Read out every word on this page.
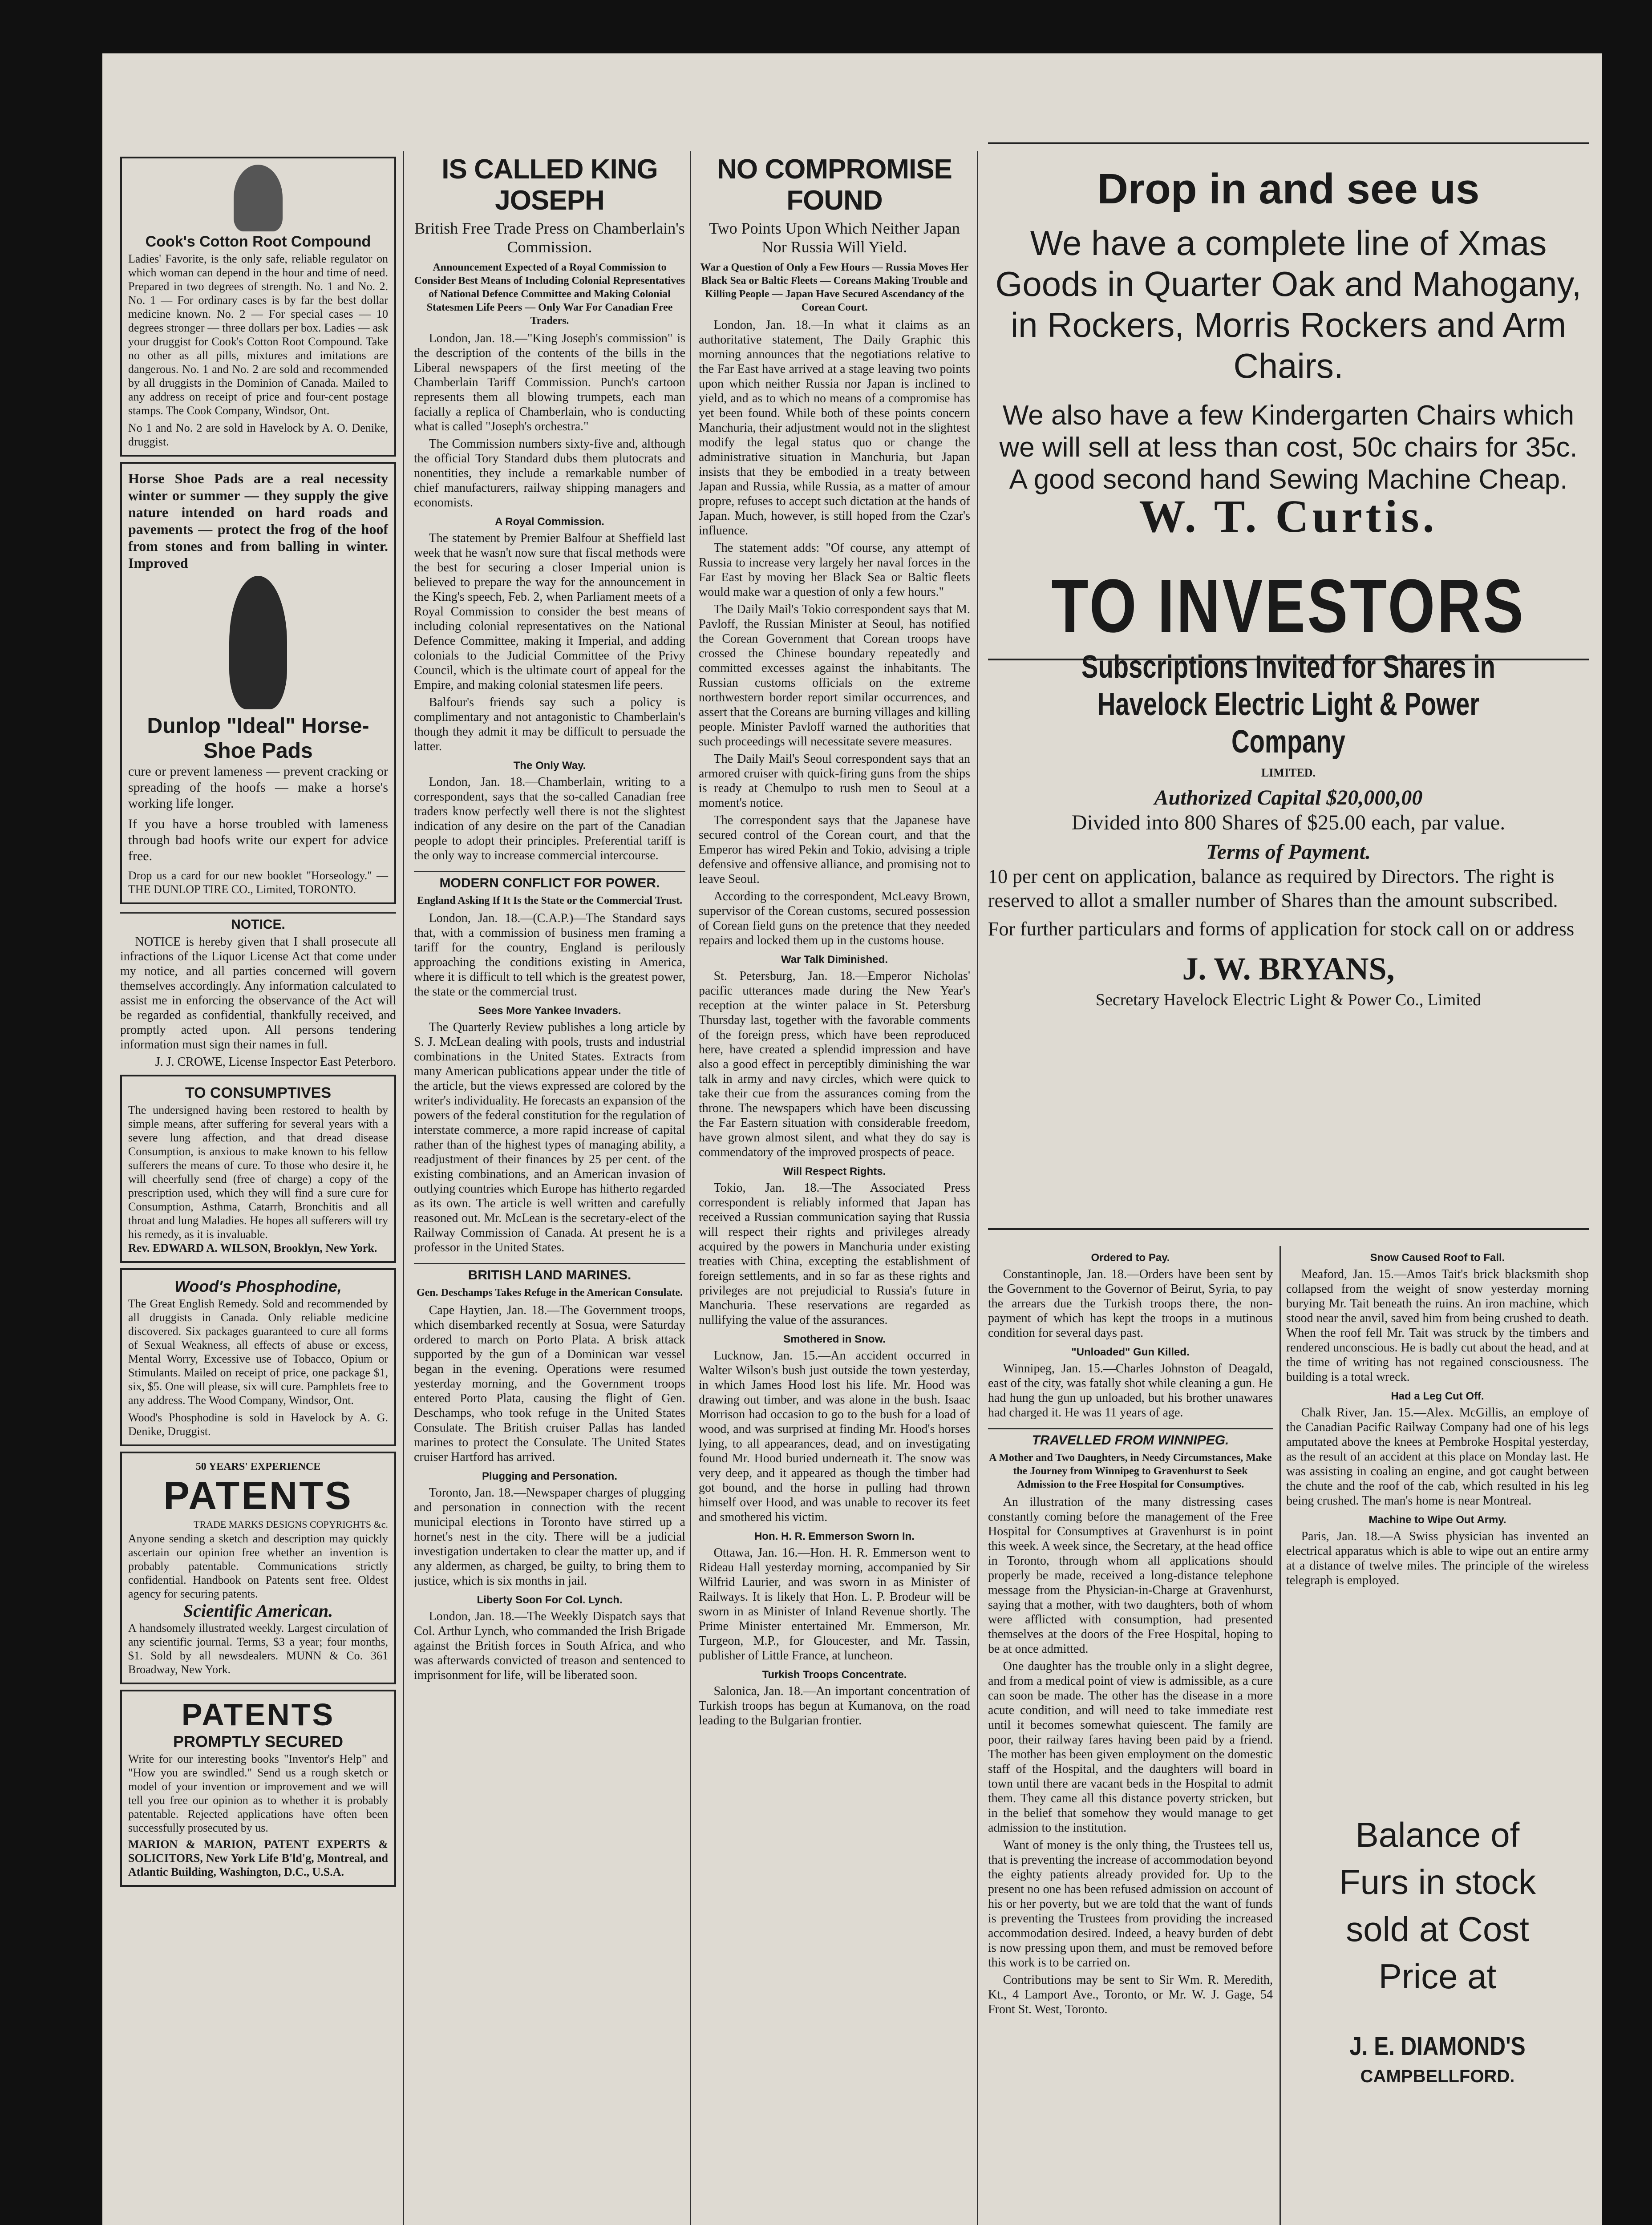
Cook's Cotton Root Compound
Ladies' Favorite, is the only safe, reliable regulator on which woman can depend in the hour and time of need. Prepared in two degrees of strength. No. 1 and No. 2. No. 1 — For ordinary cases is by far the best dollar medicine known. No. 2 — For special cases — 10 degrees stronger — three dollars per box. Ladies — ask your druggist for Cook's Cotton Root Compound. Take no other as all pills, mixtures and imitations are dangerous. No. 1 and No. 2 are sold and recommended by all druggists in the Dominion of Canada. Mailed to any address on receipt of price and four-cent postage stamps. The Cook Company, Windsor, Ont.
No 1 and No. 2 are sold in Havelock by A. O. Denike, druggist.
Horse Shoe Pads are a real necessity winter or summer — they supply the give nature intended on hard roads and pavements — protect the frog of the hoof from stones and from balling in winter. Improved
Dunlop "Ideal" Horse-Shoe Pads
cure or prevent lameness — prevent cracking or spreading of the hoofs — make a horse's working life longer.
If you have a horse troubled with lameness through bad hoofs write our expert for advice free.
Drop us a card for our new booklet "Horseology." — THE DUNLOP TIRE CO., Limited, TORONTO.
NOTICE.

NOTICE is hereby given that I shall prosecute all infractions of the Liquor License Act that come under my notice, and all parties concerned will govern themselves accordingly. Any information calculated to assist me in enforcing the observance of the Act will be regarded as confidential, thankfully received, and promptly acted upon. All persons tendering information must sign their names in full.

J. J. CROWE, License Inspector East Peterboro.
TO CONSUMPTIVES
The undersigned having been restored to health by simple means, after suffering for several years with a severe lung affection, and that dread disease Consumption, is anxious to make known to his fellow sufferers the means of cure. To those who desire it, he will cheerfully send (free of charge) a copy of the prescription used, which they will find a sure cure for Consumption, Asthma, Catarrh, Bronchitis and all throat and lung Maladies. He hopes all sufferers will try his remedy, as it is invaluable.
Rev. EDWARD A. WILSON, Brooklyn, New York.
Wood's Phosphodine,
The Great English Remedy. Sold and recommended by all druggists in Canada. Only reliable medicine discovered. Six packages guaranteed to cure all forms of Sexual Weakness, all effects of abuse or excess, Mental Worry, Excessive use of Tobacco, Opium or Stimulants. Mailed on receipt of price, one package $1, six, $5. One will please, six will cure. Pamphlets free to any address. The Wood Company, Windsor, Ont.
Wood's Phosphodine is sold in Havelock by A. G. Denike, Druggist.
50 YEARS' EXPERIENCE
PATENTS
TRADE MARKS DESIGNS COPYRIGHTS &c.
Anyone sending a sketch and description may quickly ascertain our opinion free whether an invention is probably patentable. Communications strictly confidential. Handbook on Patents sent free. Oldest agency for securing patents.
Scientific American.
A handsomely illustrated weekly. Largest circulation of any scientific journal. Terms, $3 a year; four months, $1. Sold by all newsdealers. MUNN & Co. 361 Broadway, New York.
PATENTS
PROMPTLY SECURED
Write for our interesting books "Inventor's Help" and "How you are swindled." Send us a rough sketch or model of your invention or improvement and we will tell you free our opinion as to whether it is probably patentable. Rejected applications have often been successfully prosecuted by us.
MARION & MARION, PATENT EXPERTS & SOLICITORS, New York Life B'ld'g, Montreal, and Atlantic Building, Washington, D.C., U.S.A.
IS CALLED KING JOSEPH
British Free Trade Press on Chamberlain's Commission.
Announcement Expected of a Royal Commission to Consider Best Means of Including Colonial Representatives of National Defence Committee and Making Colonial Statesmen Life Peers — Only War For Canadian Free Traders.

London, Jan. 18.—"King Joseph's commission" is the description of the contents of the bills in the Liberal newspapers of the first meeting of the Chamberlain Tariff Commission. Punch's cartoon represents them all blowing trumpets, each man facially a replica of Chamberlain, who is conducting what is called "Joseph's orchestra."

The Commission numbers sixty-five and, although the official Tory Standard dubs them plutocrats and nonentities, they include a remarkable number of chief manufacturers, railway shipping managers and economists.

A Royal Commission.

The statement by Premier Balfour at Sheffield last week that he wasn't now sure that fiscal methods were the best for securing a closer Imperial union is believed to prepare the way for the announcement in the King's speech, Feb. 2, when Parliament meets of a Royal Commission to consider the best means of including colonial representatives on the National Defence Committee, making it Imperial, and adding colonials to the Judicial Committee of the Privy Council, which is the ultimate court of appeal for the Empire, and making colonial statesmen life peers.

Balfour's friends say such a policy is complimentary and not antagonistic to Chamberlain's though they admit it may be difficult to persuade the latter.

The Only Way.

London, Jan. 18.—Chamberlain, writing to a correspondent, says that the so-called Canadian free traders know perfectly well there is not the slightest indication of any desire on the part of the Canadian people to adopt their principles. Preferential tariff is the only way to increase commercial intercourse.

MODERN CONFLICT FOR POWER.
England Asking If It Is the State or the Commercial Trust.

London, Jan. 18.—(C.A.P.)—The Standard says that, with a commission of business men framing a tariff for the country, England is perilously approaching the conditions existing in America, where it is difficult to tell which is the greatest power, the state or the commercial trust.

Sees More Yankee Invaders.

The Quarterly Review publishes a long article by S. J. McLean dealing with pools, trusts and industrial combinations in the United States. Extracts from many American publications appear under the title of the article, but the views expressed are colored by the writer's individuality. He forecasts an expansion of the powers of the federal constitution for the regulation of interstate commerce, a more rapid increase of capital rather than of the highest types of managing ability, a readjustment of their finances by 25 per cent. of the existing combinations, and an American invasion of outlying countries which Europe has hitherto regarded as its own. The article is well written and carefully reasoned out. Mr. McLean is the secretary-elect of the Railway Commission of Canada. At present he is a professor in the United States.

BRITISH LAND MARINES.
Gen. Deschamps Takes Refuge in the American Consulate.

Cape Haytien, Jan. 18.—The Government troops, which disembarked recently at Sosua, were Saturday ordered to march on Porto Plata. A brisk attack supported by the gun of a Dominican war vessel began in the evening. Operations were resumed yesterday morning, and the Government troops entered Porto Plata, causing the flight of Gen. Deschamps, who took refuge in the United States Consulate. The British cruiser Pallas has landed marines to protect the Consulate. The United States cruiser Hartford has arrived.

Plugging and Personation.

Toronto, Jan. 18.—Newspaper charges of plugging and personation in connection with the recent municipal elections in Toronto have stirred up a hornet's nest in the city. There will be a judicial investigation undertaken to clear the matter up, and if any aldermen, as charged, be guilty, to bring them to justice, which is six months in jail.

Liberty Soon For Col. Lynch.

London, Jan. 18.—The Weekly Dispatch says that Col. Arthur Lynch, who commanded the Irish Brigade against the British forces in South Africa, and who was afterwards convicted of treason and sentenced to imprisonment for life, will be liberated soon.

NO COMPROMISE FOUND
Two Points Upon Which Neither Japan Nor Russia Will Yield.
War a Question of Only a Few Hours — Russia Moves Her Black Sea or Baltic Fleets — Coreans Making Trouble and Killing People — Japan Have Secured Ascendancy of the Corean Court.

London, Jan. 18.—In what it claims as an authoritative statement, The Daily Graphic this morning announces that the negotiations relative to the Far East have arrived at a stage leaving two points upon which neither Russia nor Japan is inclined to yield, and as to which no means of a compromise has yet been found. While both of these points concern Manchuria, their adjustment would not in the slightest modify the legal status quo or change the administrative situation in Manchuria, but Japan insists that they be embodied in a treaty between Japan and Russia, while Russia, as a matter of amour propre, refuses to accept such dictation at the hands of Japan. Much, however, is still hoped from the Czar's influence.

The statement adds: "Of course, any attempt of Russia to increase very largely her naval forces in the Far East by moving her Black Sea or Baltic fleets would make war a question of only a few hours."

The Daily Mail's Tokio correspondent says that M. Pavloff, the Russian Minister at Seoul, has notified the Corean Government that Corean troops have crossed the Chinese boundary repeatedly and committed excesses against the inhabitants. The Russian customs officials on the extreme northwestern border report similar occurrences, and assert that the Coreans are burning villages and killing people. Minister Pavloff warned the authorities that such proceedings will necessitate severe measures.

The Daily Mail's Seoul correspondent says that an armored cruiser with quick-firing guns from the ships is ready at Chemulpo to rush men to Seoul at a moment's notice.

The correspondent says that the Japanese have secured control of the Corean court, and that the Emperor has wired Pekin and Tokio, advising a triple defensive and offensive alliance, and promising not to leave Seoul.

According to the correspondent, McLeavy Brown, supervisor of the Corean customs, secured possession of Corean field guns on the pretence that they needed repairs and locked them up in the customs house.

War Talk Diminished.

St. Petersburg, Jan. 18.—Emperor Nicholas' pacific utterances made during the New Year's reception at the winter palace in St. Petersburg Thursday last, together with the favorable comments of the foreign press, which have been reproduced here, have created a splendid impression and have also a good effect in perceptibly diminishing the war talk in army and navy circles, which were quick to take their cue from the assurances coming from the throne. The newspapers which have been discussing the Far Eastern situation with considerable freedom, have grown almost silent, and what they do say is commendatory of the improved prospects of peace.

Will Respect Rights.

Tokio, Jan. 18.—The Associated Press correspondent is reliably informed that Japan has received a Russian communication saying that Russia will respect their rights and privileges already acquired by the powers in Manchuria under existing treaties with China, excepting the establishment of foreign settlements, and in so far as these rights and privileges are not prejudicial to Russia's future in Manchuria. These reservations are regarded as nullifying the value of the assurances.

Smothered in Snow.

Lucknow, Jan. 15.—An accident occurred in Walter Wilson's bush just outside the town yesterday, in which James Hood lost his life. Mr. Hood was drawing out timber, and was alone in the bush. Isaac Morrison had occasion to go to the bush for a load of wood, and was surprised at finding Mr. Hood's horses lying, to all appearances, dead, and on investigating found Mr. Hood buried underneath it. The snow was very deep, and it appeared as though the timber had got bound, and the horse in pulling had thrown himself over Hood, and was unable to recover its feet and smothered his victim.

Hon. H. R. Emmerson Sworn In.

Ottawa, Jan. 16.—Hon. H. R. Emmerson went to Rideau Hall yesterday morning, accompanied by Sir Wilfrid Laurier, and was sworn in as Minister of Railways. It is likely that Hon. L. P. Brodeur will be sworn in as Minister of Inland Revenue shortly. The Prime Minister entertained Mr. Emmerson, Mr. Turgeon, M.P., for Gloucester, and Mr. Tassin, publisher of Little France, at luncheon.

Turkish Troops Concentrate.

Salonica, Jan. 18.—An important concentration of Turkish troops has begun at Kumanova, on the road leading to the Bulgarian frontier.

Drop in and see us
We have a complete line of Xmas Goods in Quarter Oak and Mahogany, in Rockers, Morris Rockers and Arm Chairs.
We also have a few Kindergarten Chairs which we will sell at less than cost, 50c chairs for 35c. A good second hand Sewing Machine Cheap.
W. T. Curtis.
TO INVESTORS
Subscriptions Invited for Shares in Havelock Electric Light & Power Company
LIMITED.
Authorized Capital $20,000,00
Divided into 800 Shares of $25.00 each, par value.
Terms of Payment.
10 per cent on application, balance as required by Directors. The right is reserved to allot a smaller number of Shares than the amount subscribed.
For further particulars and forms of application for stock call on or address
J. W. BRYANS,
Secretary Havelock Electric Light & Power Co., Limited
Ordered to Pay.

Constantinople, Jan. 18.—Orders have been sent by the Government to the Governor of Beirut, Syria, to pay the arrears due the Turkish troops there, the non-payment of which has kept the troops in a mutinous condition for several days past.

"Unloaded" Gun Killed.

Winnipeg, Jan. 15.—Charles Johnston of Deagald, east of the city, was fatally shot while cleaning a gun. He had hung the gun up unloaded, but his brother unawares had charged it. He was 11 years of age.

TRAVELLED FROM WINNIPEG.
A Mother and Two Daughters, in Needy Circumstances, Make the Journey from Winnipeg to Gravenhurst to Seek Admission to the Free Hospital for Consumptives.

An illustration of the many distressing cases constantly coming before the management of the Free Hospital for Consumptives at Gravenhurst is in point this week. A week since, the Secretary, at the head office in Toronto, through whom all applications should properly be made, received a long-distance telephone message from the Physician-in-Charge at Gravenhurst, saying that a mother, with two daughters, both of whom were afflicted with consumption, had presented themselves at the doors of the Free Hospital, hoping to be at once admitted.

One daughter has the trouble only in a slight degree, and from a medical point of view is admissible, as a cure can soon be made. The other has the disease in a more acute condition, and will need to take immediate rest until it becomes somewhat quiescent. The family are poor, their railway fares having been paid by a friend. The mother has been given employment on the domestic staff of the Hospital, and the daughters will board in town until there are vacant beds in the Hospital to admit them. They came all this distance poverty stricken, but in the belief that somehow they would manage to get admission to the institution.

Want of money is the only thing, the Trustees tell us, that is preventing the increase of accommodation beyond the eighty patients already provided for. Up to the present no one has been refused admission on account of his or her poverty, but we are told that the want of funds is preventing the Trustees from providing the increased accommodation desired. Indeed, a heavy burden of debt is now pressing upon them, and must be removed before this work is to be carried on.

Contributions may be sent to Sir Wm. R. Meredith, Kt., 4 Lamport Ave., Toronto, or Mr. W. J. Gage, 54 Front St. West, Toronto.

Snow Caused Roof to Fall.

Meaford, Jan. 15.—Amos Tait's brick blacksmith shop collapsed from the weight of snow yesterday morning burying Mr. Tait beneath the ruins. An iron machine, which stood near the anvil, saved him from being crushed to death. When the roof fell Mr. Tait was struck by the timbers and rendered unconscious. He is badly cut about the head, and at the time of writing has not regained consciousness. The building is a total wreck.

Had a Leg Cut Off.

Chalk River, Jan. 15.—Alex. McGillis, an employe of the Canadian Pacific Railway Company had one of his legs amputated above the knees at Pembroke Hospital yesterday, as the result of an accident at this place on Monday last. He was assisting in coaling an engine, and got caught between the chute and the roof of the cab, which resulted in his leg being crushed. The man's home is near Montreal.

Machine to Wipe Out Army.

Paris, Jan. 18.—A Swiss physician has invented an electrical apparatus which is able to wipe out an entire army at a distance of twelve miles. The principle of the wireless telegraph is employed.

Balance of
Furs in stock
sold at Cost
Price at
J. E. DIAMOND'S
CAMPBELLFORD.
